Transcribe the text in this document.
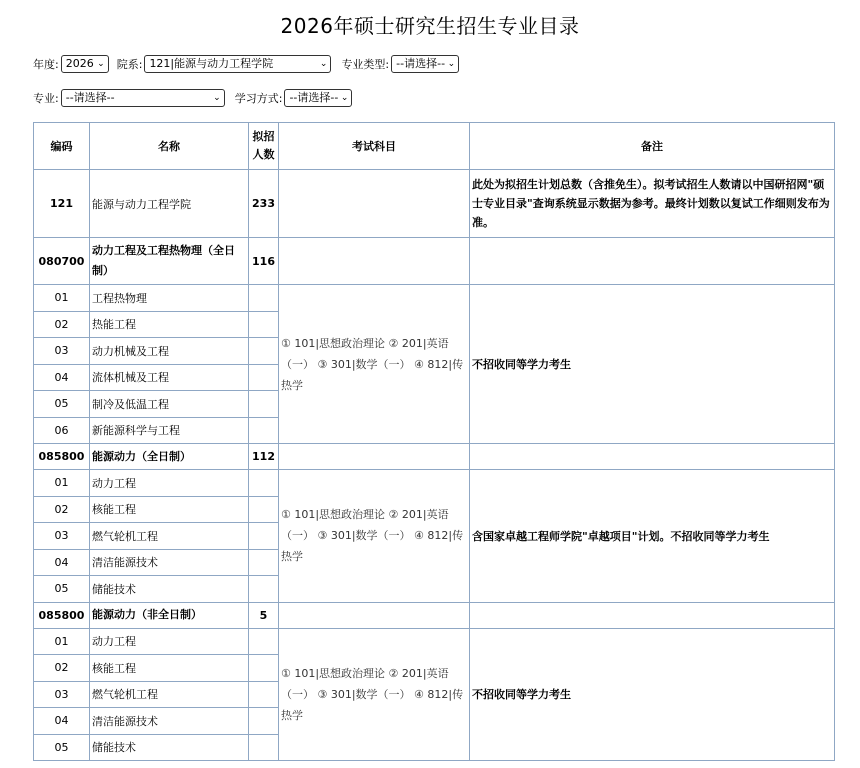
2026年硕士研究生招生专业目录
年度: 2026 ⌄ 院系: 121|能源与动力工程学院	⌄ 专业类型: --请选择-- ⌄
专业: --请选择--	⌄ 学习方式: --请选择-- ⌄
编码	名称	拟招人数	考试科目	备注
121	能源与动力工程学院	233		此处为拟招生计划总数（含推免生）。拟考试招生人数请以中国研招网"硕士专业目录"查询系统显示数据为参考。最终计划数以复试工作细则发布为准。
080700	动力工程及工程热物理（全日制）	116		
01	工程热物理		① 101|思想政治理论 ② 201|英语（一） ③ 301|数学（一） ④ 812|传热学	不招收同等学力考生
02	热能工程			
03	动力机械及工程			
04	流体机械及工程			
05	制冷及低温工程			
06	新能源科学与工程			
085800	能源动力（全日制）	112		
01	动力工程		① 101|思想政治理论 ② 201|英语（一） ③ 301|数学（一） ④ 812|传热学	含国家卓越工程师学院"卓越项目"计划。不招收同等学力考生
02	核能工程			
03	燃气轮机工程			
04	清洁能源技术			
05	储能技术			
085800	能源动力（非全日制）	5		
01	动力工程		① 101|思想政治理论 ② 201|英语（一） ③ 301|数学（一） ④ 812|传热学	不招收同等学力考生
02	核能工程			
03	燃气轮机工程			
04	清洁能源技术			
05	储能技术			
